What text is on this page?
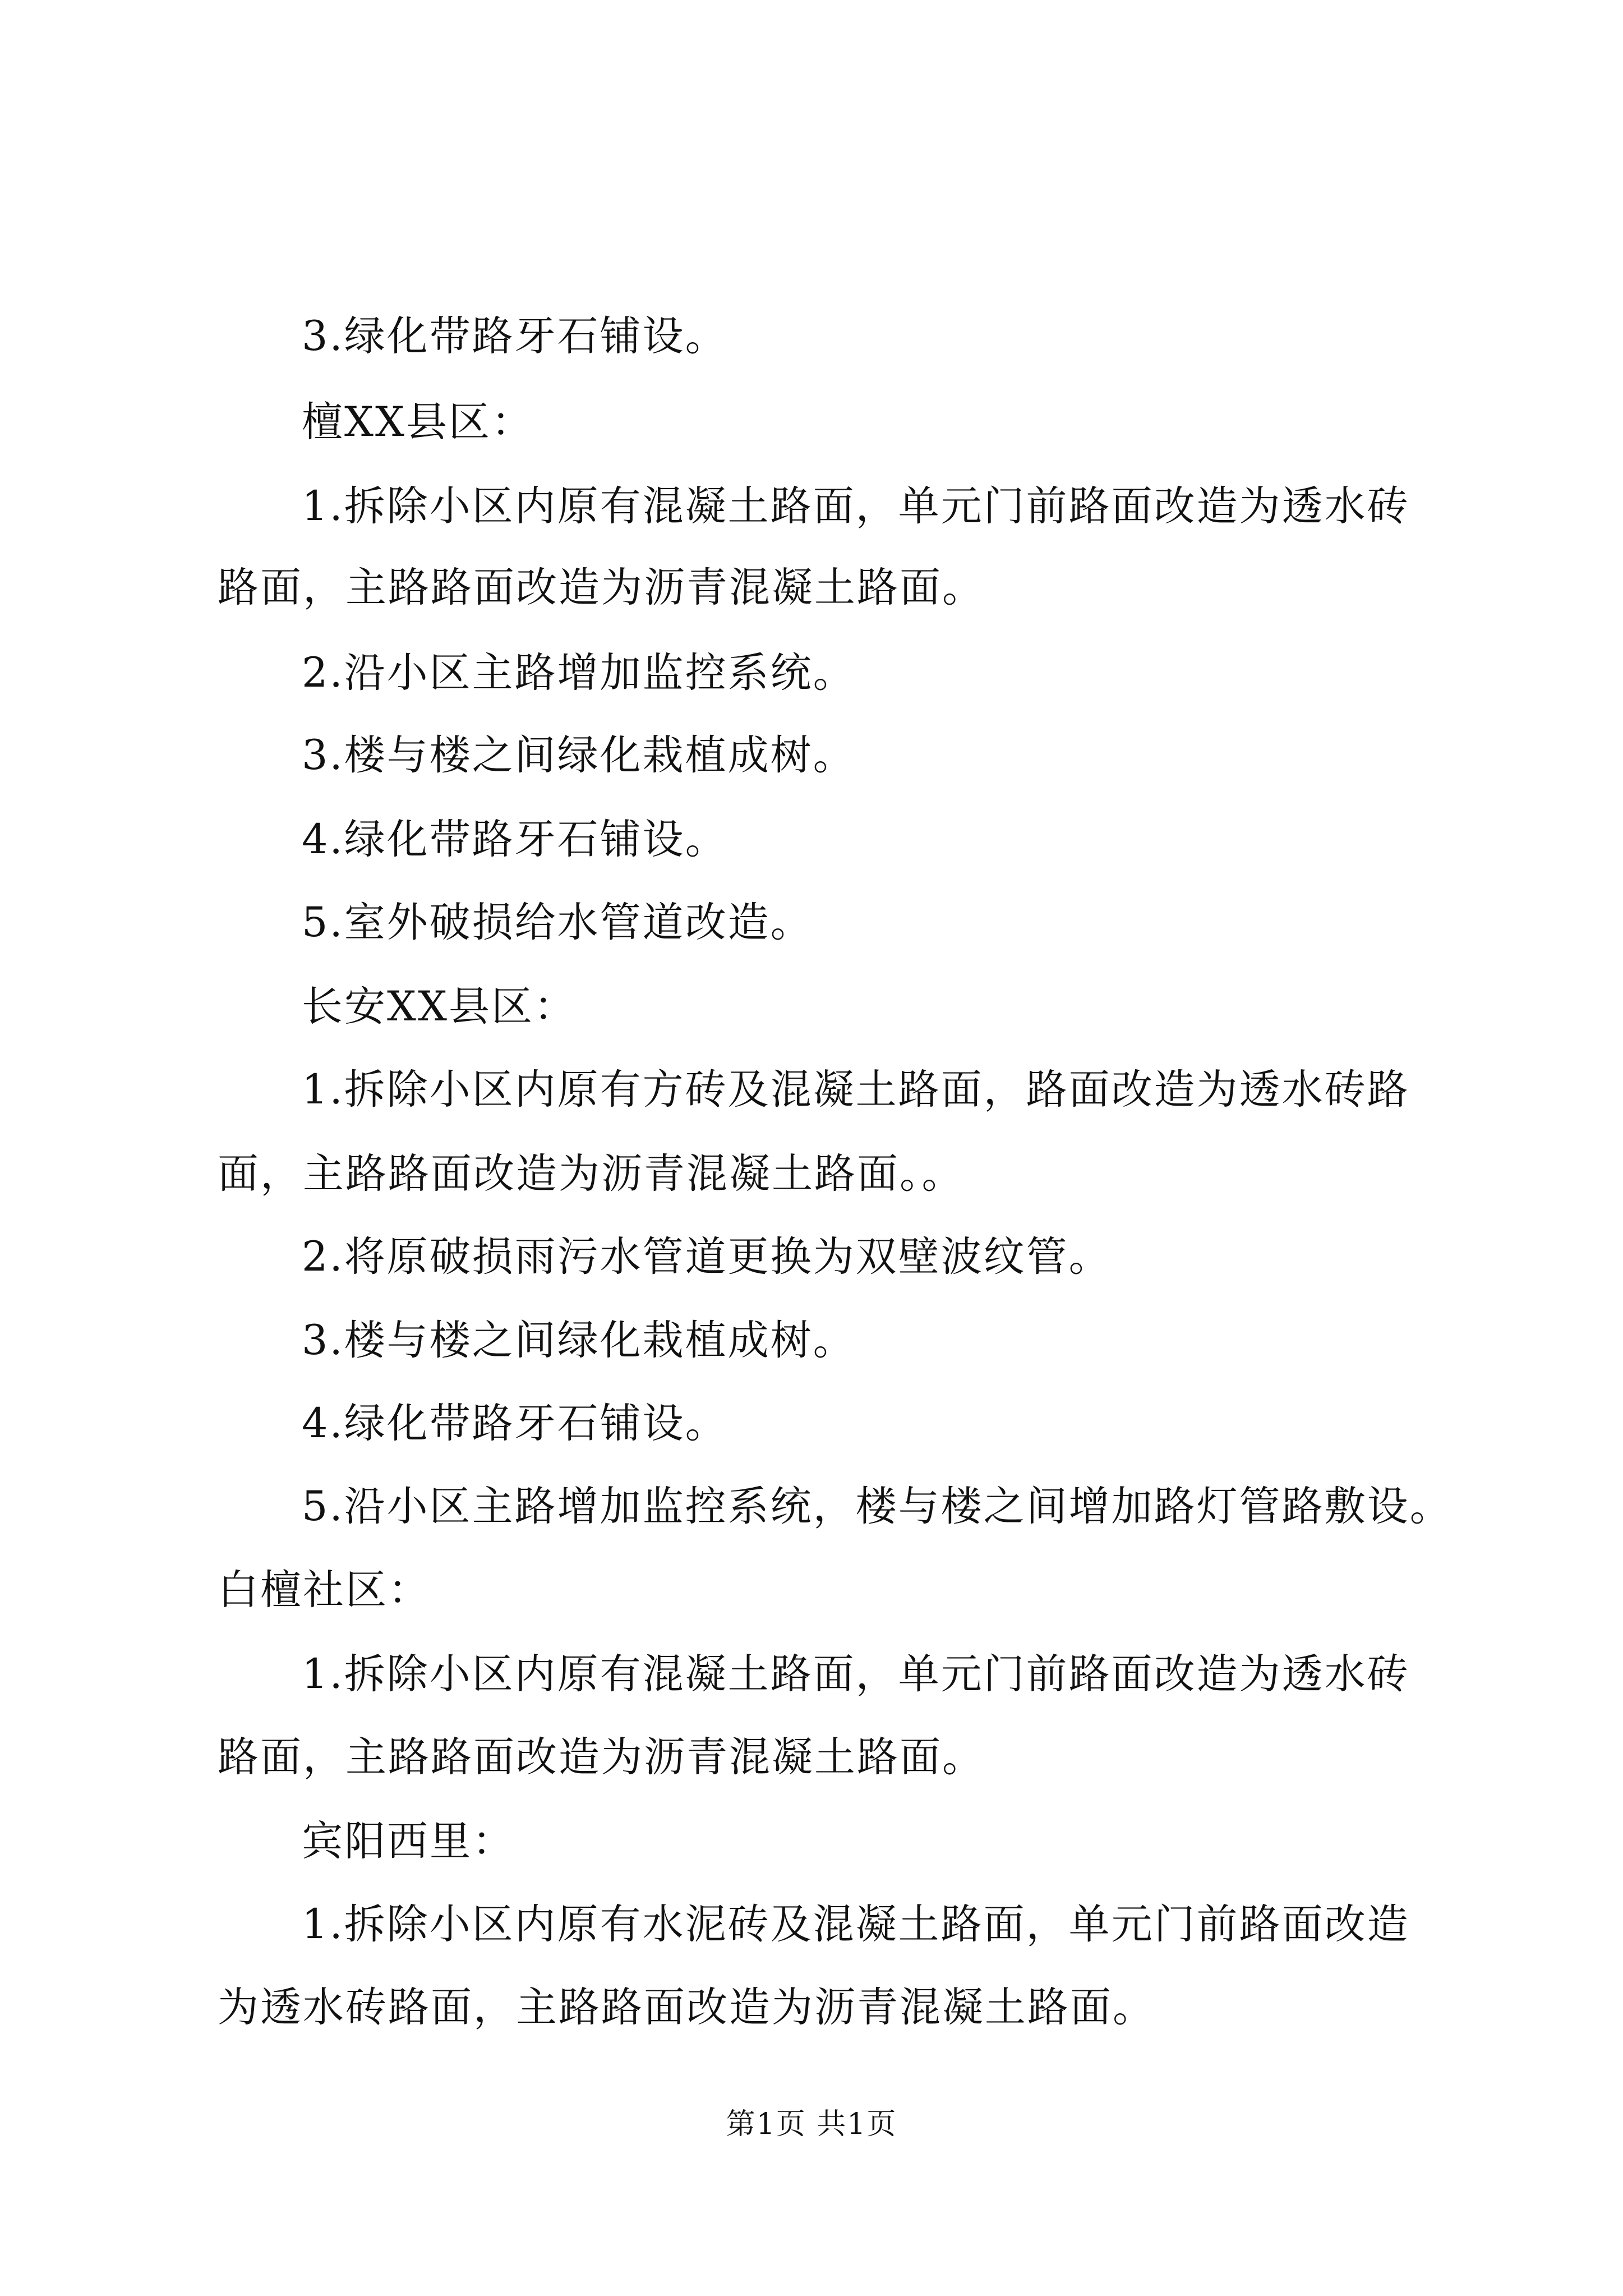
3.绿化带路牙石铺设。
檀XX县区：
1.拆除小区内原有混凝土路面，单元门前路面改造为透水砖
路面，主路路面改造为沥青混凝土路面。
2.沿小区主路增加监控系统。
3.楼与楼之间绿化栽植成树。
4.绿化带路牙石铺设。
5.室外破损给水管道改造。
长安XX县区：
1.拆除小区内原有方砖及混凝土路面，路面改造为透水砖路
面，主路路面改造为沥青混凝土路面。。
2.将原破损雨污水管道更换为双壁波纹管。
3.楼与楼之间绿化栽植成树。
4.绿化带路牙石铺设。
5.沿小区主路增加监控系统，楼与楼之间增加路灯管路敷设。
白檀社区：
1.拆除小区内原有混凝土路面，单元门前路面改造为透水砖
路面，主路路面改造为沥青混凝土路面。
宾阳西里：
1.拆除小区内原有水泥砖及混凝土路面，单元门前路面改造
为透水砖路面，主路路面改造为沥青混凝土路面。
第1页 共1页
